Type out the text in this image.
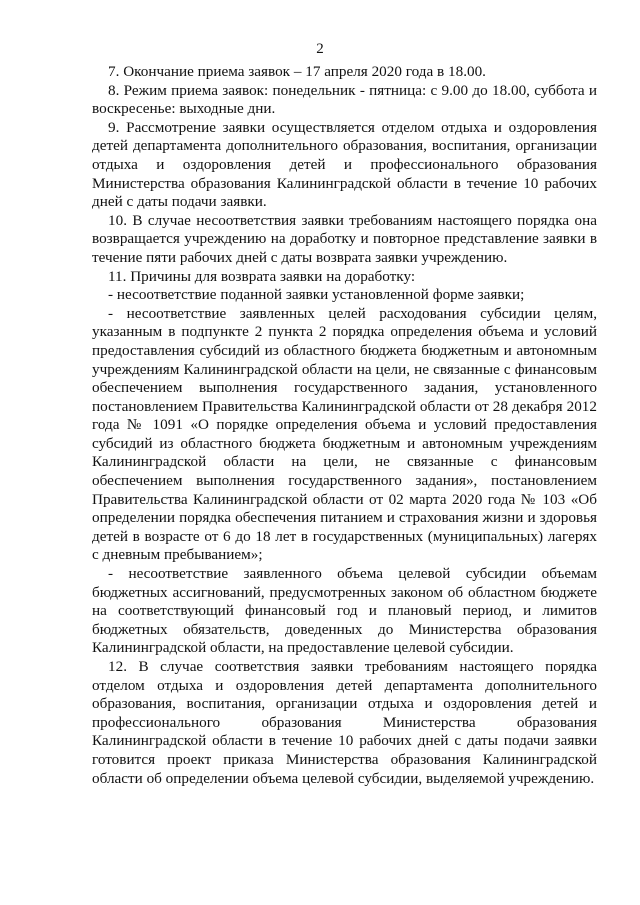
2

7. Окончание приема заявок – 17 апреля 2020 года в 18.00.

8. Режим приема заявок: понедельник - пятница: с 9.00 до 18.00, суббота и воскресенье: выходные дни.

9. Рассмотрение заявки осуществляется отделом отдыха и оздоровления детей департамента дополнительного образования, воспитания, организации отдыха и оздоровления детей и профессионального образования Министерства образования Калининградской области в течение 10 рабочих дней с даты подачи заявки.

10. В случае несоответствия заявки требованиям настоящего порядка она возвращается учреждению на доработку и повторное представление заявки в течение пяти рабочих дней с даты возврата заявки учреждению.

11. Причины для возврата заявки на доработку:

- несоответствие поданной заявки установленной форме заявки;

- несоответствие заявленных целей расходования субсидии целям, указанным в подпункте 2 пункта 2 порядка определения объема и условий предоставления субсидий из областного бюджета бюджетным и автономным учреждениям Калининградской области на цели, не связанные с финансовым обеспечением выполнения государственного задания, установленного постановлением Правительства Калининградской области от 28 декабря 2012 года № 1091 «О порядке определения объема и условий предоставления субсидий из областного бюджета бюджетным и автономным учреждениям Калининградской области на цели, не связанные с финансовым обеспечением выполнения государственного задания», постановлением Правительства Калининградской области от 02 марта 2020 года № 103 «Об определении порядка обеспечения питанием и страхования жизни и здоровья детей в возрасте от 6 до 18 лет в государственных (муниципальных) лагерях с дневным пребыванием»;

- несоответствие заявленного объема целевой субсидии объемам бюджетных ассигнований, предусмотренных законом об областном бюджете на соответствующий финансовый год и плановый период, и лимитов бюджетных обязательств, доведенных до Министерства образования Калининградской области, на предоставление целевой субсидии.

12. В случае соответствия заявки требованиям настоящего порядка отделом отдыха и оздоровления детей департамента дополнительного образования, воспитания, организации отдыха и оздоровления детей и профессионального образования Министерства образования Калининградской области в течение 10 рабочих дней с даты подачи заявки готовится проект приказа Министерства образования Калининградской области об определении объема целевой субсидии, выделяемой учреждению.
